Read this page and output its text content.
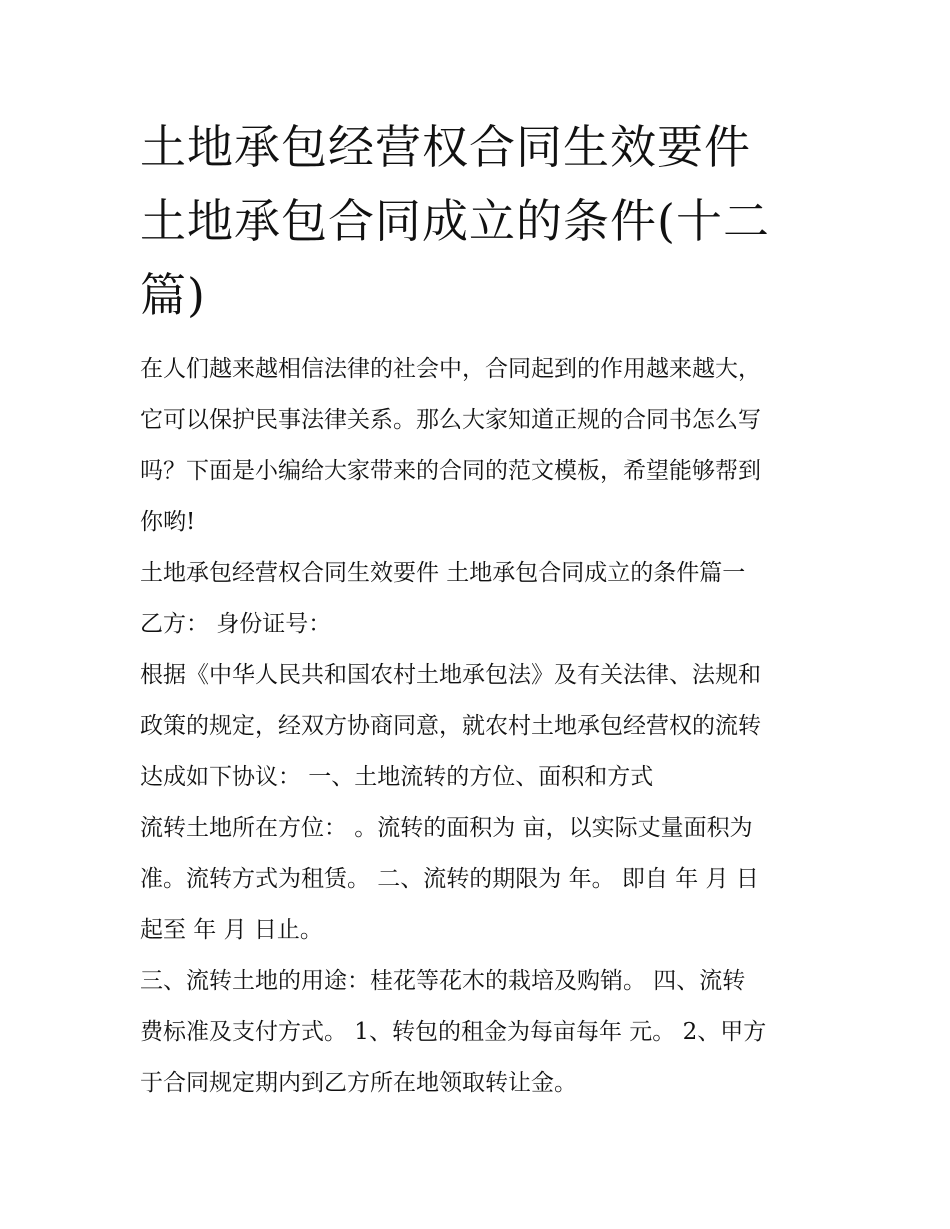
土地承包经营权合同生效要件
土地承包合同成立的条件(十二
篇)
在人们越来越相信法律的社会中，合同起到的作用越来越大，
它可以保护民事法律关系。那么大家知道正规的合同书怎么写
吗？下面是小编给大家带来的合同的范文模板，希望能够帮到
你哟!
土地承包经营权合同生效要件 土地承包合同成立的条件篇一
乙方： 身份证号：
根据《中华人民共和国农村土地承包法》及有关法律、法规和
政策的规定，经双方协商同意，就农村土地承包经营权的流转
达成如下协议： 一、土地流转的方位、面积和方式
流转土地所在方位： 。流转的面积为 亩，以实际丈量面积为
准。流转方式为租赁。 二、流转的期限为 年。 即自 年 月 日
起至 年 月 日止。
三、流转土地的用途：桂花等花木的栽培及购销。 四、流转
费标准及支付方式。 1、转包的租金为每亩每年 元。 2、甲方
于合同规定期内到乙方所在地领取转让金。
